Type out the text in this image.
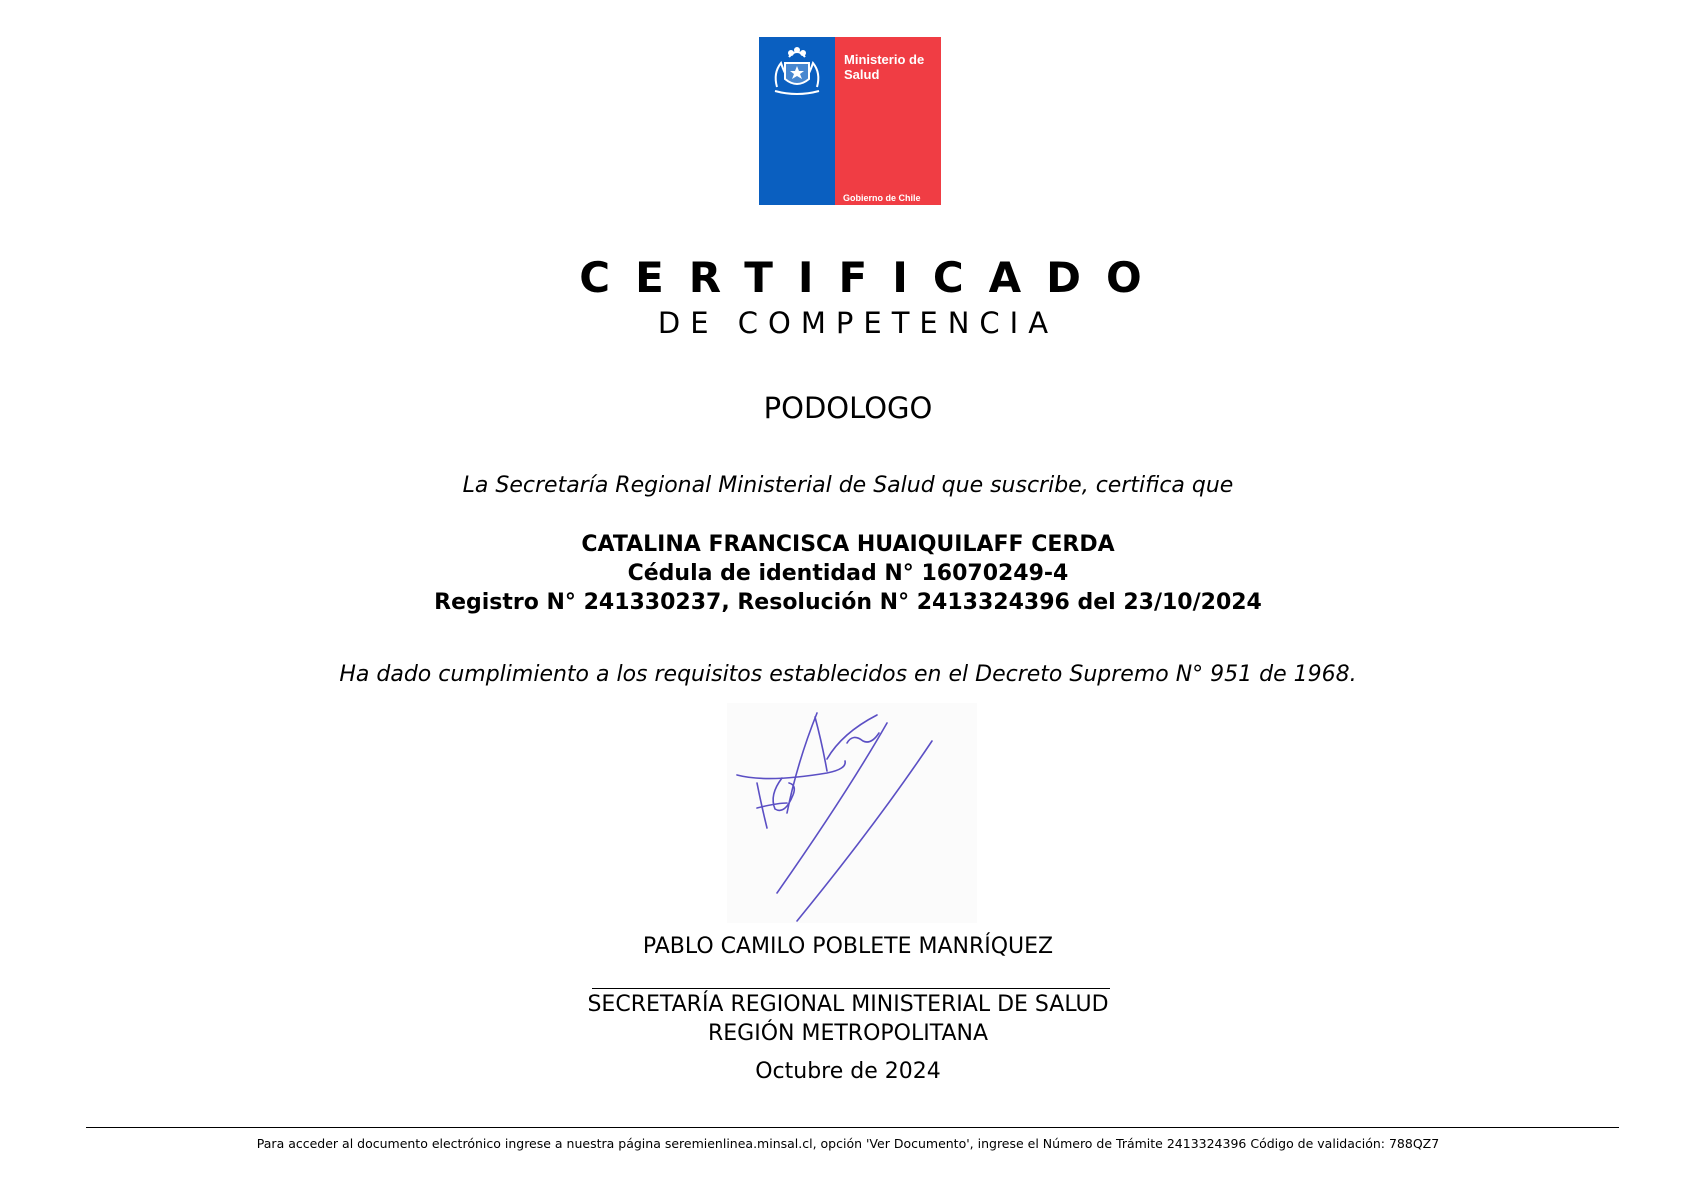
Ministerio de Salud
Gobierno de Chile
CERTIFICADO
DE COMPETENCIA
PODOLOGO
La Secretaría Regional Ministerial de Salud que suscribe, certifica que
CATALINA FRANCISCA HUAIQUILAFF CERDA
Cédula de identidad N° 16070249-4
Registro N° 241330237, Resolución N° 2413324396 del 23/10/2024
Ha dado cumplimiento a los requisitos establecidos en el Decreto Supremo N° 951 de 1968.
PABLO CAMILO POBLETE MANRÍQUEZ
SECRETARÍA REGIONAL MINISTERIAL DE SALUD
REGIÓN METROPOLITANA
Octubre de 2024
Para acceder al documento electrónico ingrese a nuestra página seremienlinea.minsal.cl, opción 'Ver Documento', ingrese el Número de Trámite 2413324396 Código de validación: 788QZ7
